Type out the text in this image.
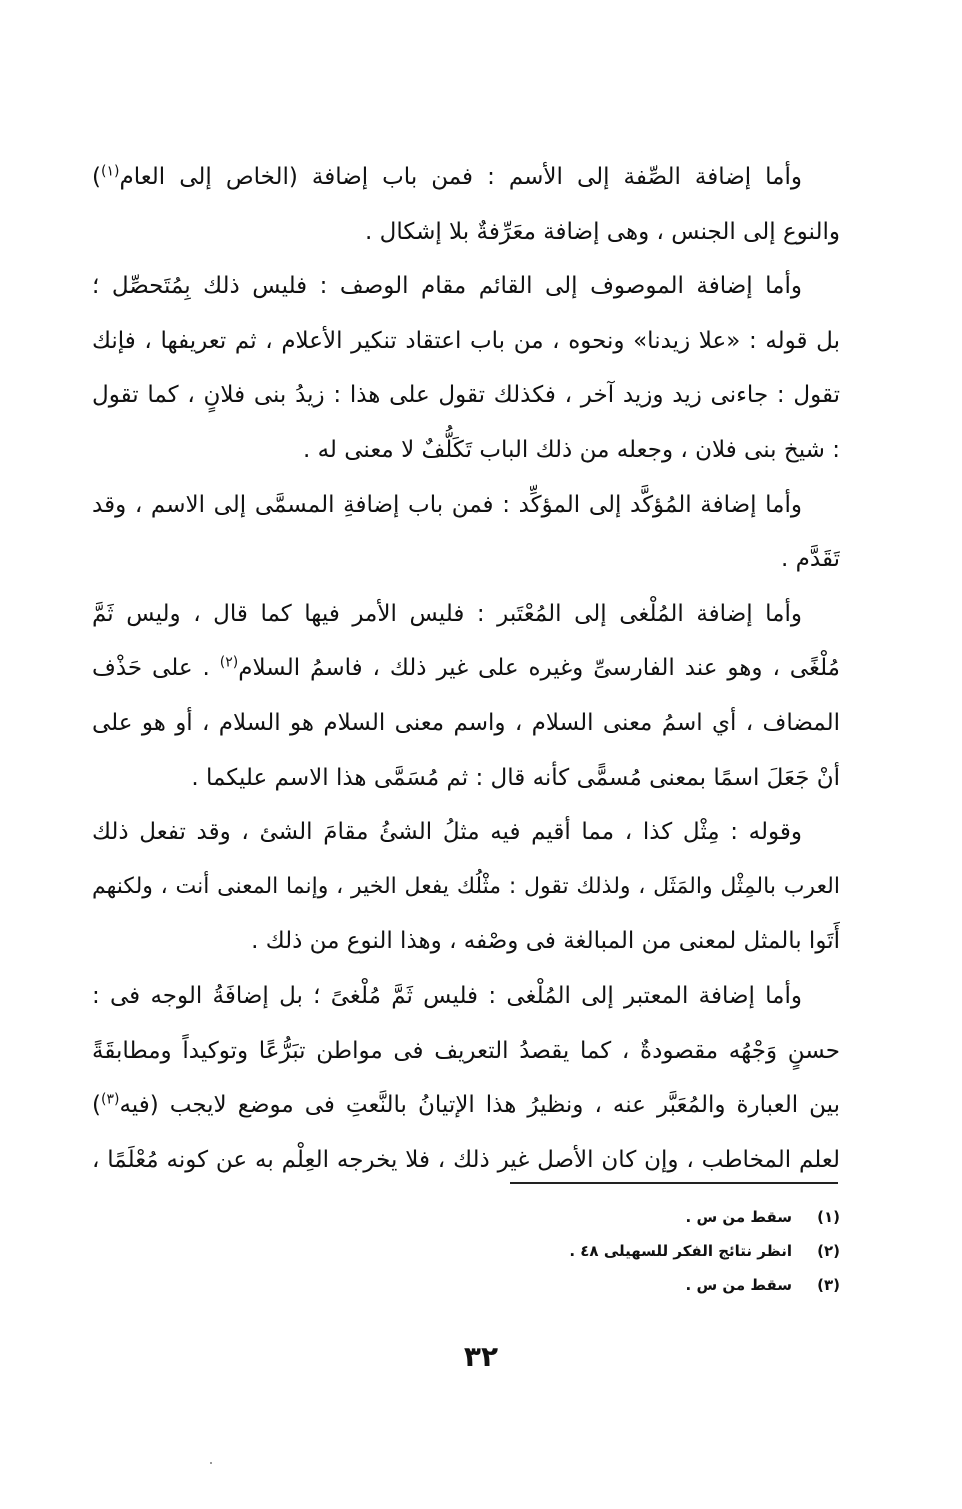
وأما إضافة الصِّفة إلى الأسم : فمن باب إضافة (الخاص إلى العام$^{(١)}$)
والنوع إلى الجنس ، وهى إضافة معَرِّفةٌ بلا إشكال .
وأما إضافة الموصوف إلى القائم مقام الوصف : فليس ذلك بِمُتَحصِّل ؛
بل قوله : «علا زيدنا» ونحوه ، من باب اعتقاد تنكير الأعلام ، ثم تعريفها ، فإنك
تقول : جاءنى زيد وزيد آخر ، فكذلك تقول على هذا : زيدُ بنى فلانٍ ، كما تقول
: شيخ بنى فلان ، وجعله من ذلك الباب تَكَلُّفٌ لا معنى له .
وأما إضافة المُؤكَّد إلى المؤكِّد : فمن باب إضافةِ المسمَّى إلى الاسم ، وقد
تَقَدَّم .
وأما إضافة المُلْغى إلى المُعْتَبر : فليس الأمر فيها كما قال ، وليس ثَمَّ
مُلْغًى ، وهو عند الفارسىِّ وغيره على غير ذلك ، فاسمُ السلام$^{(٢)}$ . على حَذْف
المضاف ، أي اسمُ معنى السلام ، واسم معنى السلام هو السلام ، أو هو على
أنْ جَعَلَ اسمًا بمعنى مُسمًّى كأنه قال : ثم مُسَمَّى هذا الاسم عليكما .
وقوله : مِثْل كذا ، مما أقيم فيه مثلُ الشئُ مقامَ الشئ ، وقد تفعل ذلك
العرب بالمِثْل والمَثَل ، ولذلك تقول : مثْلُك يفعل الخير ، وإنما المعنى أنت ، ولكنهم
أَتَوا بالمثل لمعنى من المبالغة فى وصْفه ، وهذا النوع من ذلك .
وأما إضافة المعتبر إلى المُلْغى : فليس ثَمَّ مُلْغىً ؛ بل إضافَةُ الوجه فى :
حسنٍ وَجْهُه مقصودةٌ ، كما يقصدُ التعريف فى مواطن تبَرُّعًا وتوكيداً ومطابقَةً
بين العبارة والمُعَبَّر عنه ، ونظيرُ هذا الإتيانُ بالنَّعتِ فى موضع لايجب (فيه$^{(٣)}$)
لعلم المخاطب ، وإن كان الأصل غير ذلك ، فلا يخرجه العِلْم به عن كونه مُعْلَمًا ،
(١)سقط من س .
(٢)انظر نتائج الفكر للسهيلى ٤٨ .
(٣)سقط من س .
٣٢
